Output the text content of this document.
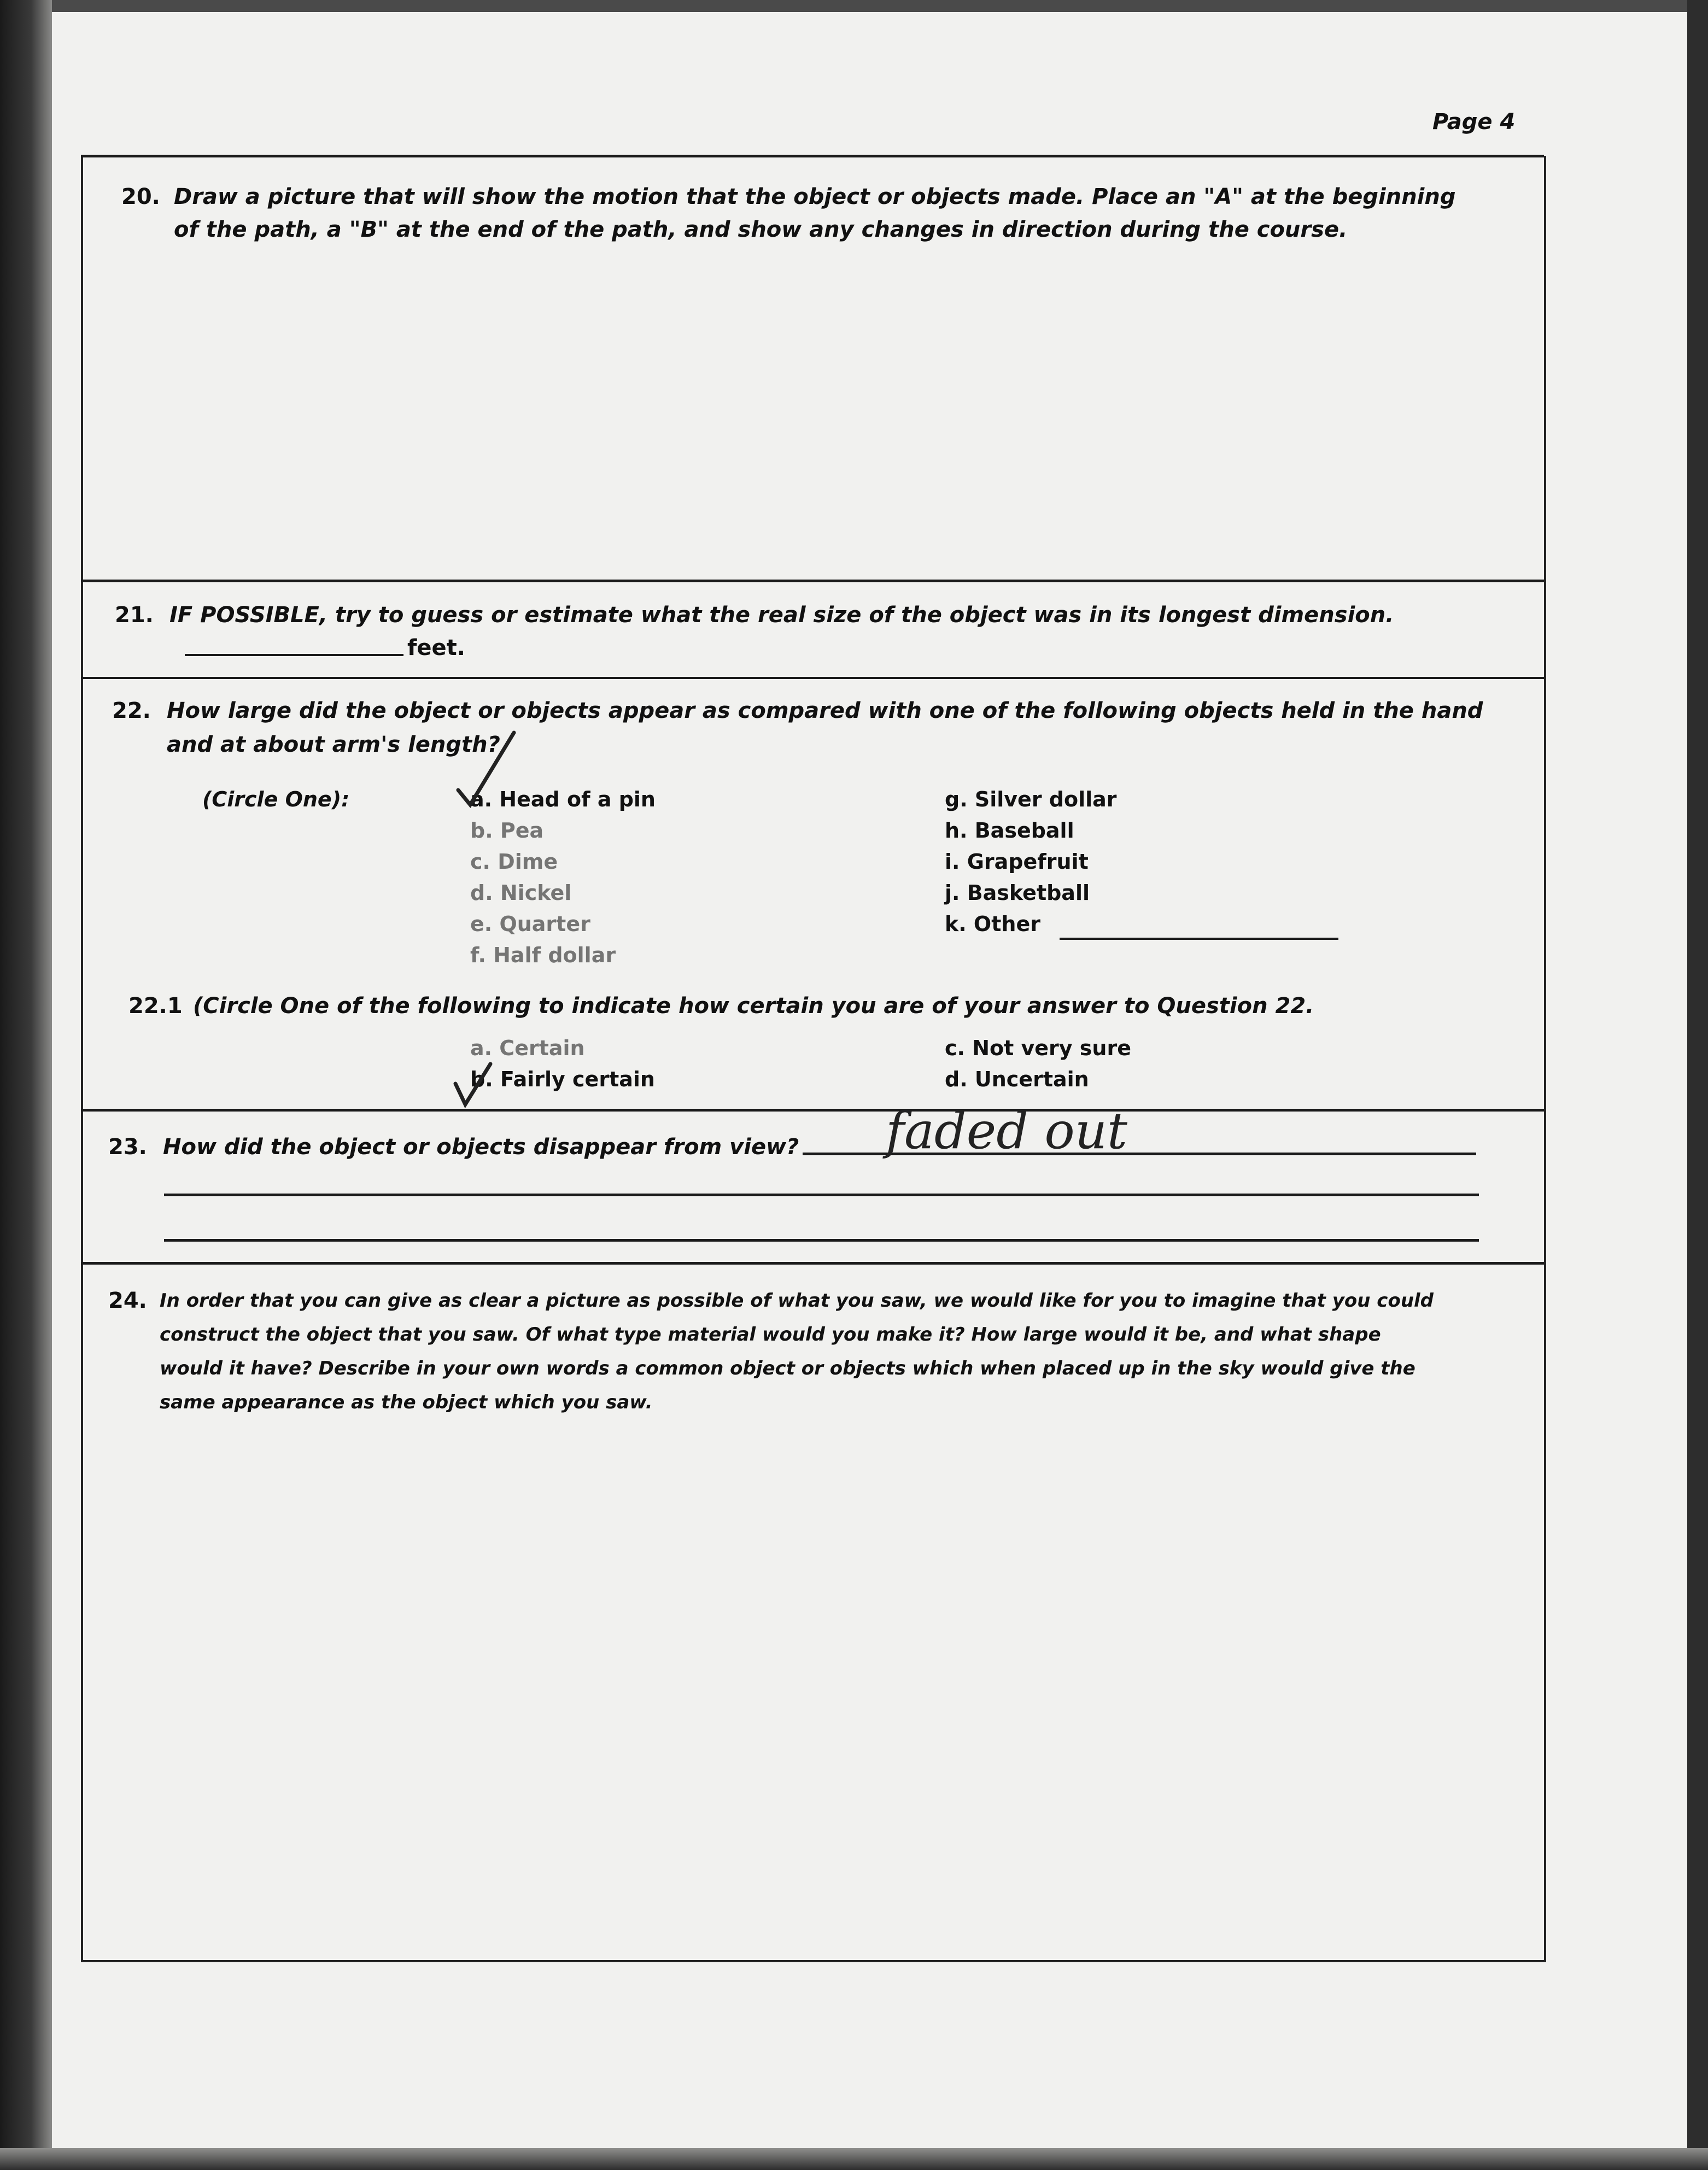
Page 4
20. Draw a picture that will show the motion that the object or objects made. Place an "A" at the beginning
of the path, a "B" at the end of the path, and show any changes in direction during the course.
21. IF POSSIBLE, try to guess or estimate what the real size of the object was in its longest dimension.
feet.
22. How large did the object or objects appear as compared with one of the following objects held in the hand
and at about arm's length?
(Circle One):	a. Head of a pin
b. Pea
c. Dime
d. Nickel
e. Quarter
f. Half dollar
g. Silver dollar
h. Baseball
i. Grapefruit
j. Basketball
k. Other
22.1 (Circle One of the following to indicate how certain you are of your answer to Question 22.
a. Certain
b. Fairly certain
c. Not very sure
d. Uncertain
23. How did the object or objects disappear from view? faded out
24. In order that you can give as clear a picture as possible of what you saw, we would like for you to imagine that you could
construct the object that you saw. Of what type material would you make it? How large would it be, and what shape
would it have? Describe in your own words a common object or objects which when placed up in the sky would give the
same appearance as the object which you saw.
